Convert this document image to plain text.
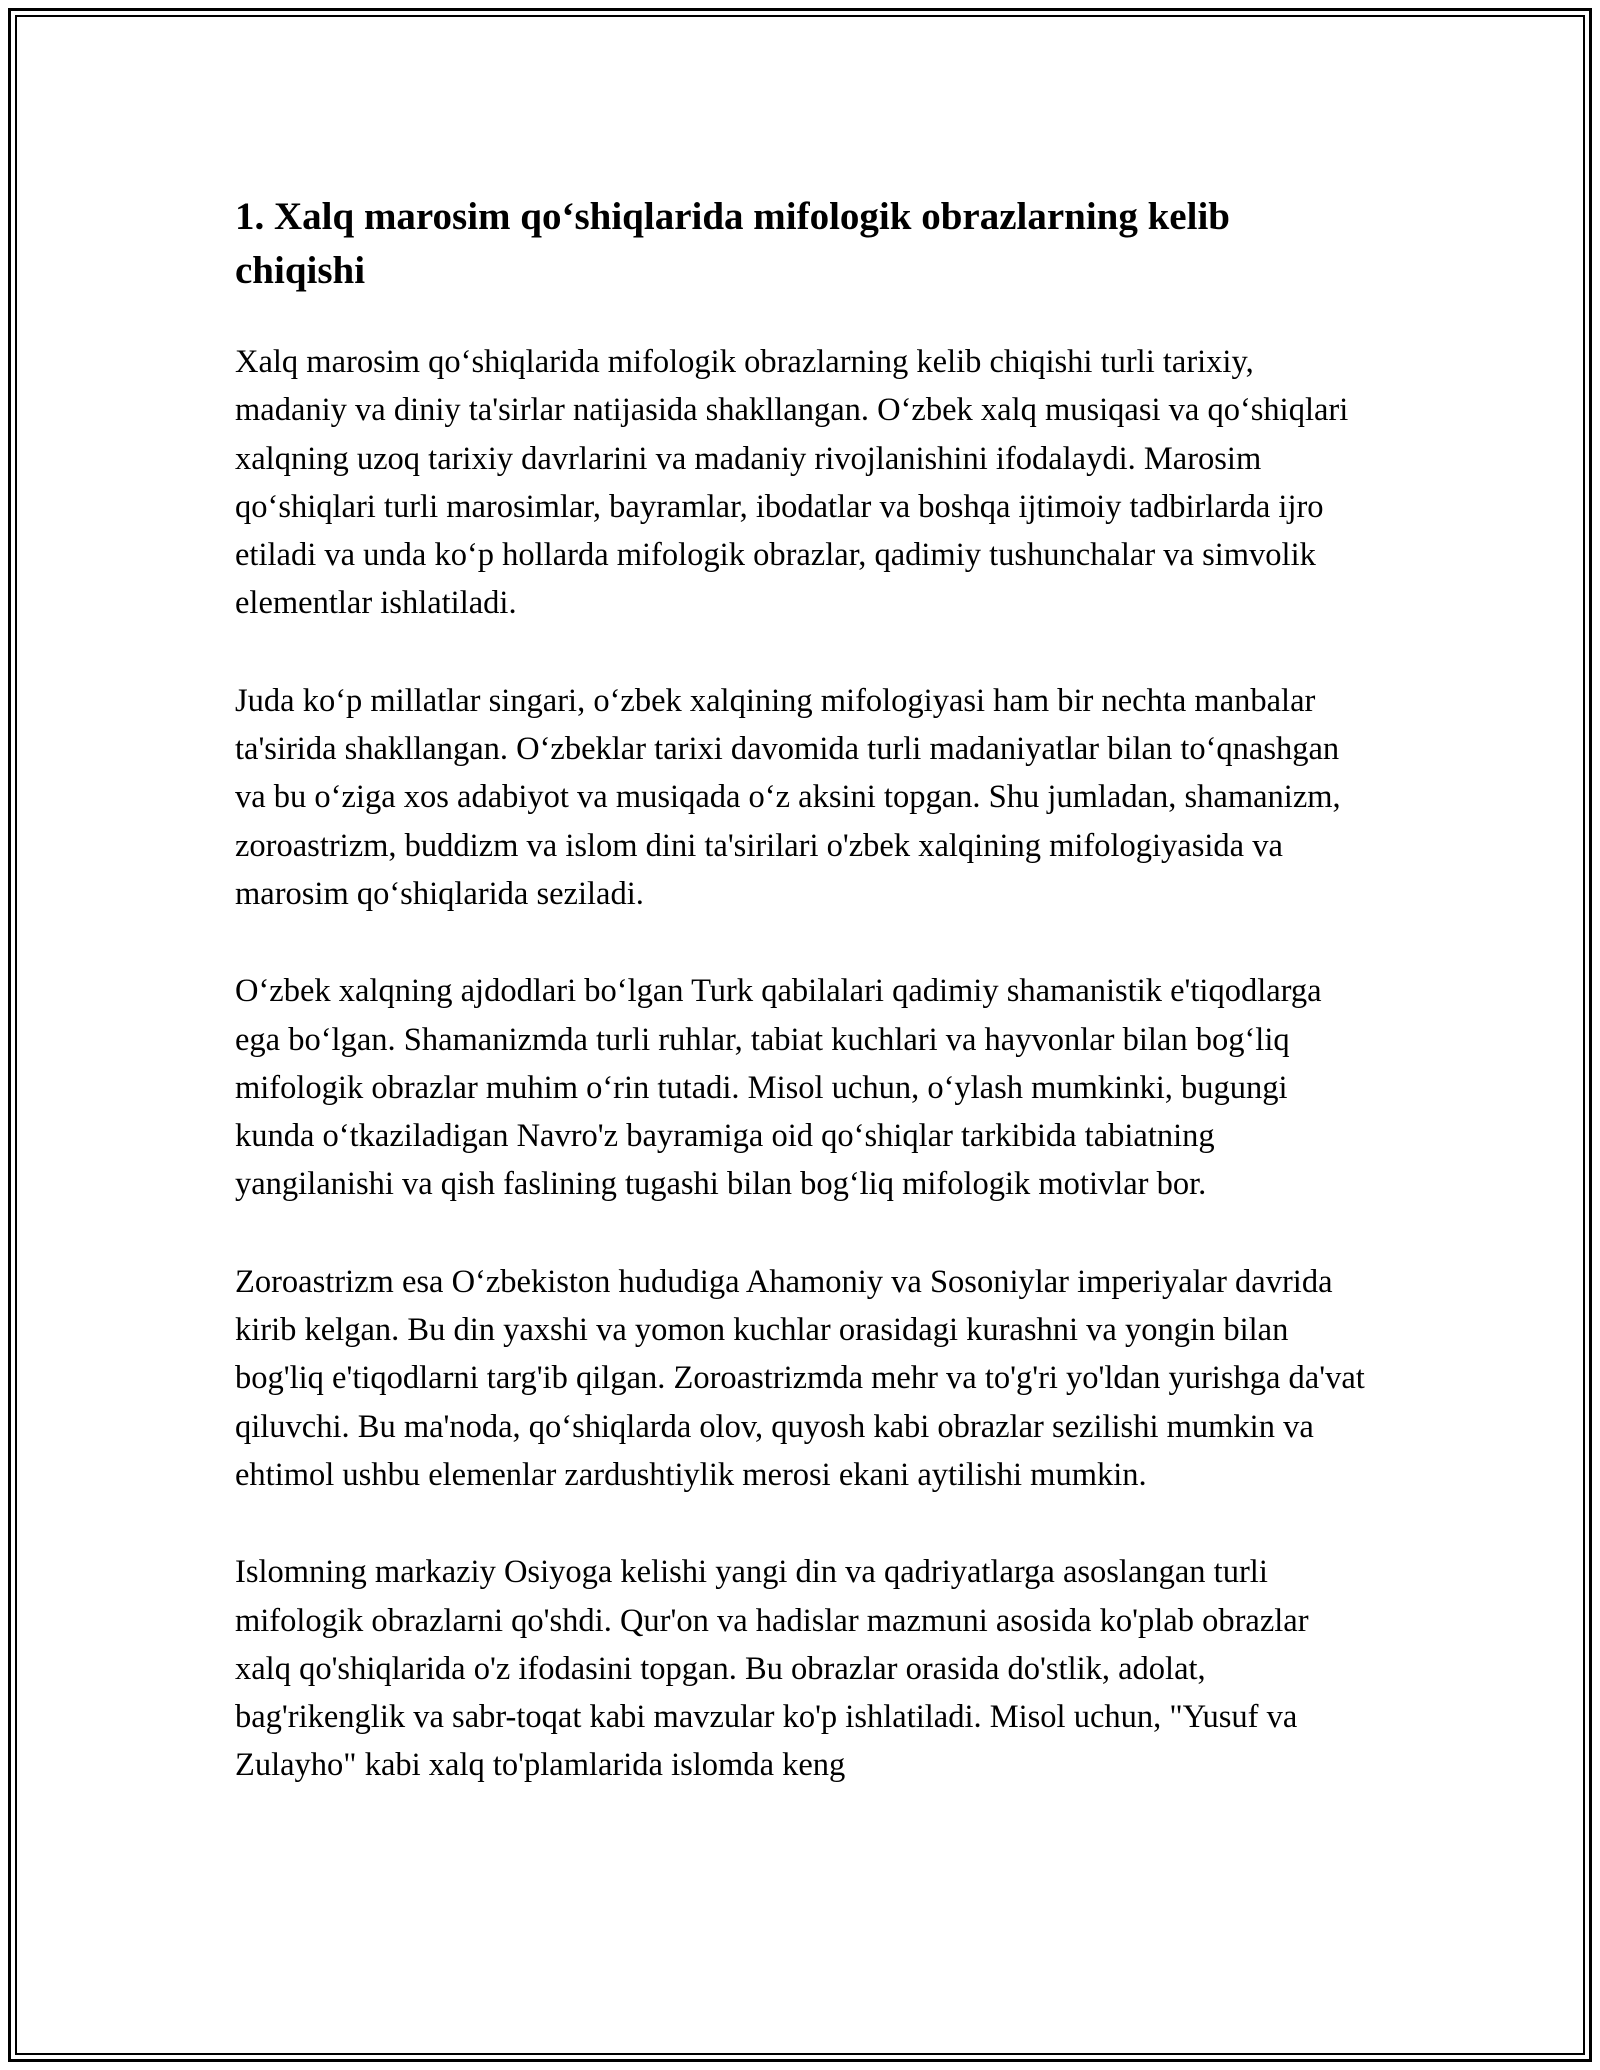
1. Xalq marosim qo‘shiqlarida mifologik obrazlarning kelib chiqishi

Xalq marosim qo‘shiqlarida mifologik obrazlarning kelib chiqishi turli tarixiy, madaniy va diniy ta'sirlar natijasida shakllangan. O‘zbek xalq musiqasi va qo‘shiqlari xalqning uzoq tarixiy davrlarini va madaniy rivojlanishini ifodalaydi. Marosim qo‘shiqlari turli marosimlar, bayramlar, ibodatlar va boshqa ijtimoiy tadbirlarda ijro etiladi va unda ko‘p hollarda mifologik obrazlar, qadimiy tushunchalar va simvolik elementlar ishlatiladi.

Juda ko‘p millatlar singari, o‘zbek xalqining mifologiyasi ham bir nechta manbalar ta'sirida shakllangan. O‘zbeklar tarixi davomida turli madaniyatlar bilan to‘qnashgan va bu o‘ziga xos adabiyot va musiqada o‘z aksini topgan. Shu jumladan, shamanizm, zoroastrizm, buddizm va islom dini ta'sirilari o'zbek xalqining mifologiyasida va marosim qo‘shiqlarida seziladi.

O‘zbek xalqning ajdodlari bo‘lgan Turk qabilalari qadimiy shamanistik e'tiqodlarga ega bo‘lgan. Shamanizmda turli ruhlar, tabiat kuchlari va hayvonlar bilan bog‘liq mifologik obrazlar muhim o‘rin tutadi. Misol uchun, o‘ylash mumkinki, bugungi kunda o‘tkaziladigan Navro'z bayramiga oid qo‘shiqlar tarkibida tabiatning yangilanishi va qish faslining tugashi bilan bog‘liq mifologik motivlar bor.

Zoroastrizm esa O‘zbekiston hududiga Ahamoniy va Sosoniylar imperiyalar davrida kirib kelgan. Bu din yaxshi va yomon kuchlar orasidagi kurashni va yongin bilan bog'liq e'tiqodlarni targ'ib qilgan. Zoroastrizmda mehr va to'g'ri yo'ldan yurishga da'vat qiluvchi. Bu ma'noda, qo‘shiqlarda olov, quyosh kabi obrazlar sezilishi mumkin va ehtimol ushbu elemenlar zardushtiylik merosi ekani aytilishi mumkin.

Islomning markaziy Osiyoga kelishi yangi din va qadriyatlarga asoslangan turli mifologik obrazlarni qo'shdi. Qur'on va hadislar mazmuni asosida ko'plab obrazlar xalq qo'shiqlarida o'z ifodasini topgan. Bu obrazlar orasida do'stlik, adolat, bag'rikenglik va sabr-toqat kabi mavzular ko'p ishlatiladi. Misol uchun, "Yusuf va Zulayho" kabi xalq to'plamlarida islomda keng
